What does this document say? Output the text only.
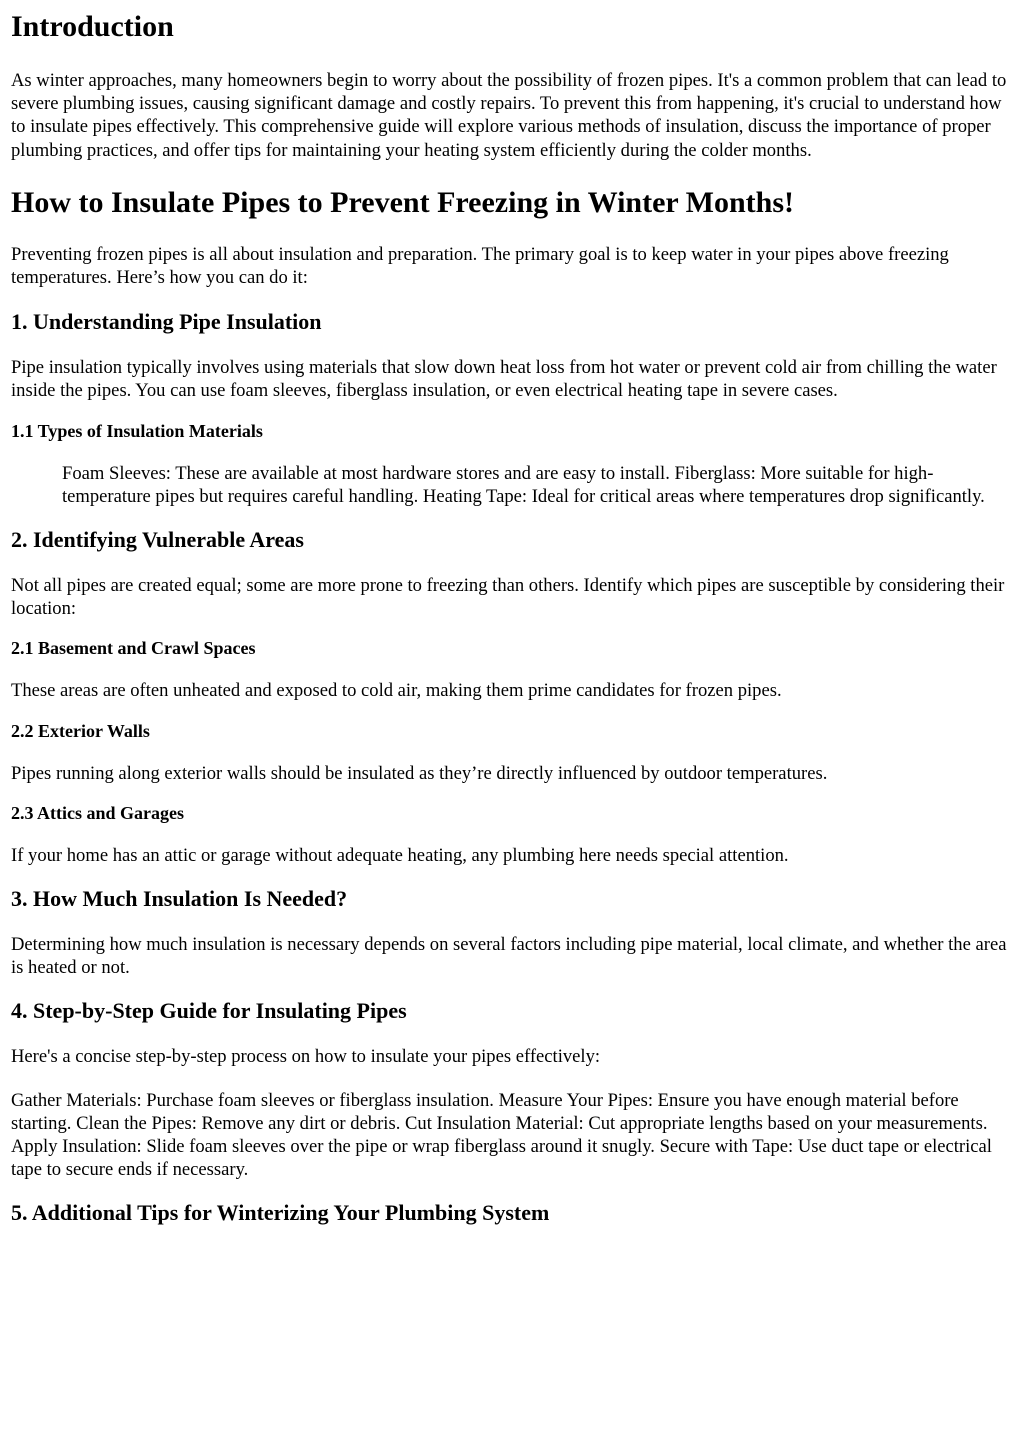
Introduction

As winter approaches, many homeowners begin to worry about the possibility of frozen pipes. It's a common problem that can lead to severe plumbing issues, causing significant damage and costly repairs. To prevent this from happening, it's crucial to understand how to insulate pipes effectively. This comprehensive guide will explore various methods of insulation, discuss the importance of proper plumbing practices, and offer tips for maintaining your heating system efficiently during the colder months.

How to Insulate Pipes to Prevent Freezing in Winter Months!

Preventing frozen pipes is all about insulation and preparation. The primary goal is to keep water in your pipes above freezing temperatures. Here’s how you can do it:

1. Understanding Pipe Insulation

Pipe insulation typically involves using materials that slow down heat loss from hot water or prevent cold air from chilling the water inside the pipes. You can use foam sleeves, fiberglass insulation, or even electrical heating tape in severe cases.

1.1 Types of Insulation Materials

Foam Sleeves: These are available at most hardware stores and are easy to install. Fiberglass: More suitable for high-temperature pipes but requires careful handling. Heating Tape: Ideal for critical areas where temperatures drop significantly.

2. Identifying Vulnerable Areas

Not all pipes are created equal; some are more prone to freezing than others. Identify which pipes are susceptible by considering their location:

2.1 Basement and Crawl Spaces

These areas are often unheated and exposed to cold air, making them prime candidates for frozen pipes.

2.2 Exterior Walls

Pipes running along exterior walls should be insulated as they’re directly influenced by outdoor temperatures.

2.3 Attics and Garages

If your home has an attic or garage without adequate heating, any plumbing here needs special attention.

3. How Much Insulation Is Needed?

Determining how much insulation is necessary depends on several factors including pipe material, local climate, and whether the area is heated or not.

4. Step-by-Step Guide for Insulating Pipes

Here's a concise step-by-step process on how to insulate your pipes effectively:

Gather Materials: Purchase foam sleeves or fiberglass insulation. Measure Your Pipes: Ensure you have enough material before starting. Clean the Pipes: Remove any dirt or debris. Cut Insulation Material: Cut appropriate lengths based on your measurements. Apply Insulation: Slide foam sleeves over the pipe or wrap fiberglass around it snugly. Secure with Tape: Use duct tape or electrical tape to secure ends if necessary.

5. Additional Tips for Winterizing Your Plumbing System
